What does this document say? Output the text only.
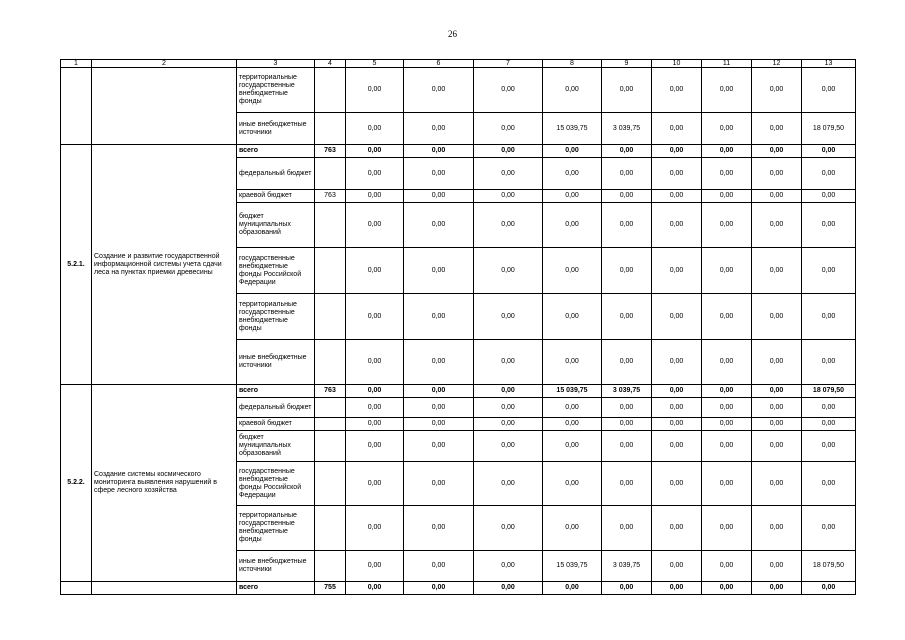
26
1	2	3	4	5	6	7	8	9	10	11	12	13
		территориальные государственные внебюджетные фонды		0,00	0,00	0,00	0,00	0,00	0,00	0,00	0,00	0,00
		иные внебюджетные источники		0,00	0,00	0,00	15 039,75	3 039,75	0,00	0,00	0,00	18 079,50
5.2.1.	Создание и развитие государственной информационной системы учета сдачи леса на пунктах приемки древесины	всего	763	0,00	0,00	0,00	0,00	0,00	0,00	0,00	0,00	0,00
		федеральный бюджет		0,00	0,00	0,00	0,00	0,00	0,00	0,00	0,00	0,00
		краевой бюджет	763	0,00	0,00	0,00	0,00	0,00	0,00	0,00	0,00	0,00
		бюджет муниципальных образований		0,00	0,00	0,00	0,00	0,00	0,00	0,00	0,00	0,00
		государственные внебюджетные фонды Российской Федерации		0,00	0,00	0,00	0,00	0,00	0,00	0,00	0,00	0,00
		территориальные государственные внебюджетные фонды		0,00	0,00	0,00	0,00	0,00	0,00	0,00	0,00	0,00
		иные внебюджетные источники		0,00	0,00	0,00	0,00	0,00	0,00	0,00	0,00	0,00
5.2.2.	Создание системы космического мониторинга выявления нарушений в сфере лесного хозяйства	всего	763	0,00	0,00	0,00	15 039,75	3 039,75	0,00	0,00	0,00	18 079,50
		федеральный бюджет		0,00	0,00	0,00	0,00	0,00	0,00	0,00	0,00	0,00
		краевой бюджет		0,00	0,00	0,00	0,00	0,00	0,00	0,00	0,00	0,00
		бюджет муниципальных образований		0,00	0,00	0,00	0,00	0,00	0,00	0,00	0,00	0,00
		государственные внебюджетные фонды Российской Федерации		0,00	0,00	0,00	0,00	0,00	0,00	0,00	0,00	0,00
		территориальные государственные внебюджетные фонды		0,00	0,00	0,00	0,00	0,00	0,00	0,00	0,00	0,00
		иные внебюджетные источники		0,00	0,00	0,00	15 039,75	3 039,75	0,00	0,00	0,00	18 079,50
		всего	755	0,00	0,00	0,00	0,00	0,00	0,00	0,00	0,00	0,00
